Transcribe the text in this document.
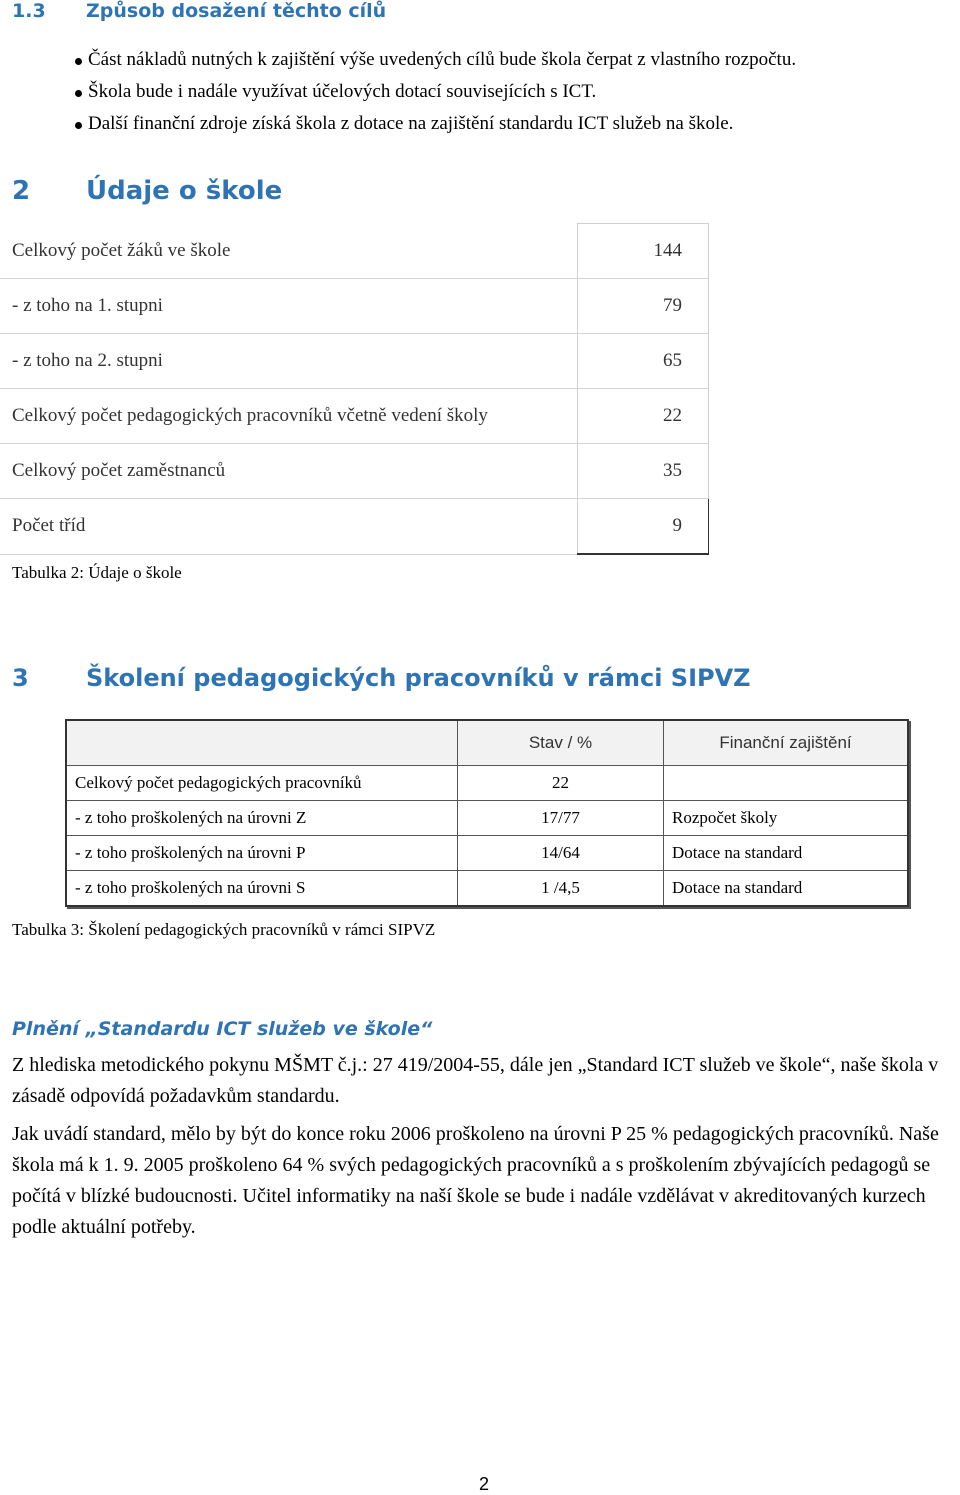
1.3 Způsob dosažení těchto cílů
Část nákladů nutných k zajištění výše uvedených cílů bude škola čerpat z vlastního rozpočtu.
Škola bude i nadále využívat účelových dotací souvisejících s ICT.
Další finanční zdroje získá škola z dotace na zajištění standardu ICT služeb na škole.
2 Údaje o škole
Celkový počet žáků ve škole	144
- z toho na 1. stupni	79
- z toho na 2. stupni	65
Celkový počet pedagogických pracovníků včetně vedení školy	22
Celkový počet zaměstnanců	35
Počet tříd	9
Tabulka 2: Údaje o škole
3 Školení pedagogických pracovníků v rámci SIPVZ
	Stav / %	Finanční zajištění
Celkový počet pedagogických pracovníků	22	
- z toho proškolených na úrovni Z	17/77	Rozpočet školy
- z toho proškolených na úrovni P	14/64	Dotace na standard
- z toho proškolených na úrovni S	1 /4,5	Dotace na standard
Tabulka 3: Školení pedagogických pracovníků v rámci SIPVZ
Plnění „Standardu ICT služeb ve škole“

Z hlediska metodického pokynu MŠMT č.j.: 27 419/2004-55, dále jen „Standard ICT služeb ve škole“, naše škola v zásadě odpovídá požadavkům standardu.

Jak uvádí standard, mělo by být do konce roku 2006 proškoleno na úrovni P 25 % pedagogických pracovníků. Naše škola má k 1. 9. 2005 proškoleno 64 % svých pedagogických pracovníků a s proškolením zbývajících pedagogů se počítá v blízké budoucnosti. Učitel informatiky na naší škole se bude i nadále vzdělávat v akreditovaných kurzech podle aktuální potřeby.

2
